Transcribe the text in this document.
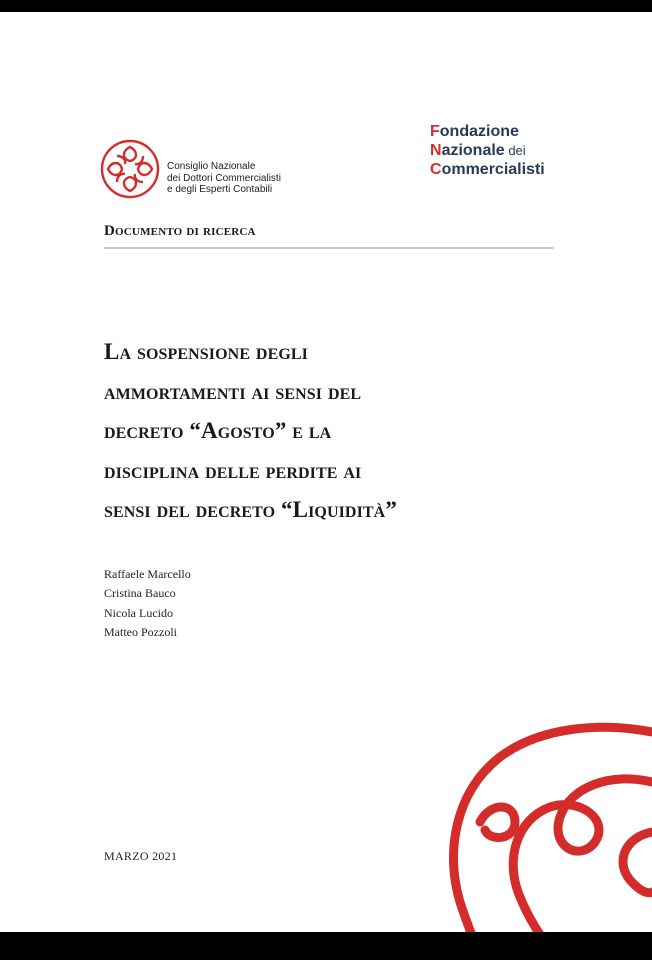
Consiglio Nazionale
dei Dottori Commercialisti
e degli Esperti Contabili
Fondazione
Nazionale dei
Commercialisti
Documento di ricerca
La sospensione degli
ammortamenti ai sensi del
decreto “Agosto” e la
disciplina delle perdite ai
sensi del decreto “Liquidità”
Raffaele Marcello
Cristina Bauco
Nicola Lucido
Matteo Pozzoli
MARZO 2021
